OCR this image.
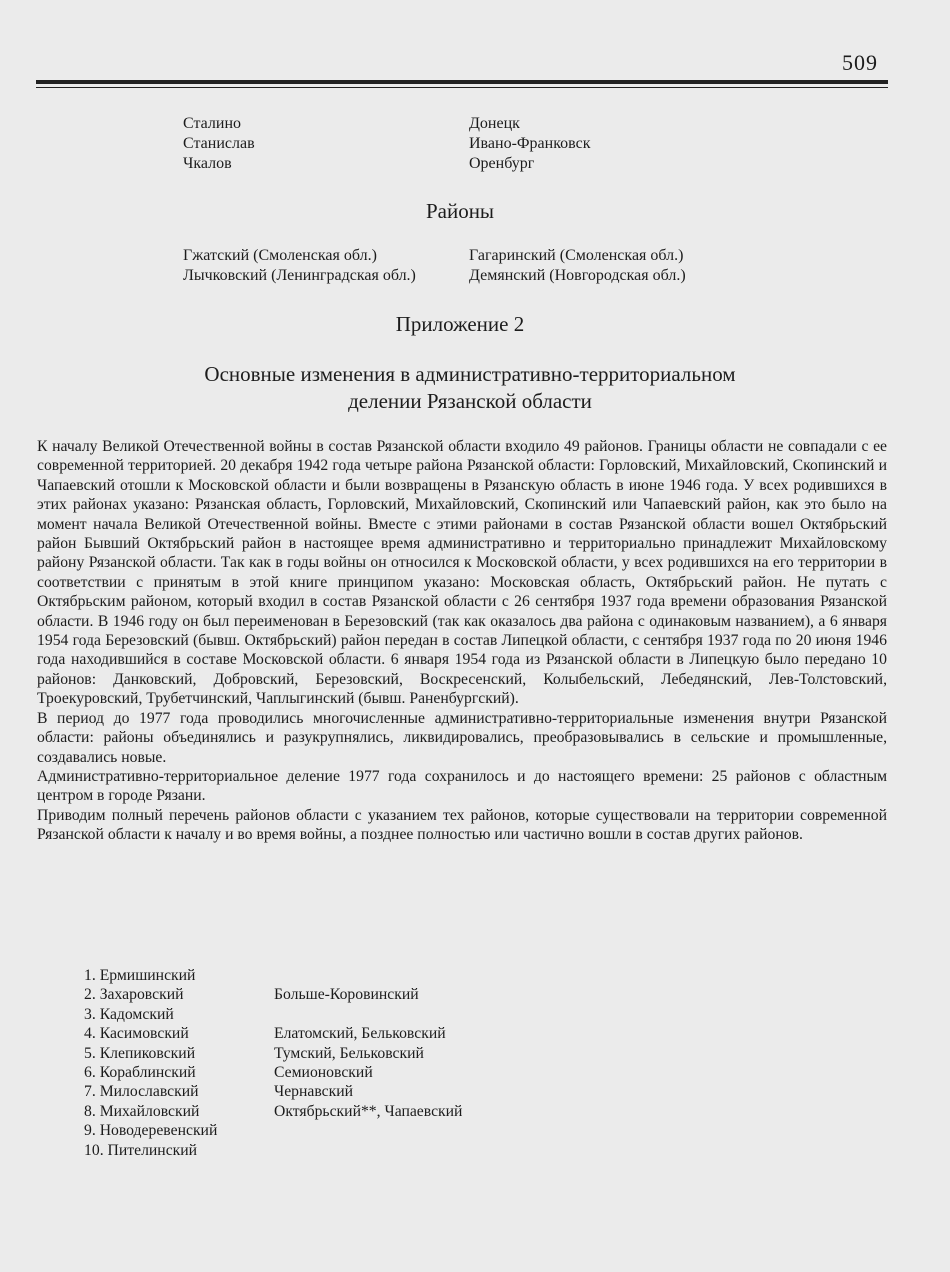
509
Сталино	Донецк
Станислав	Ивано-Франковск
Чкалов	Оренбург
Районы
Гжатский (Смоленская обл.)	Гагаринский (Смоленская обл.)
Лычковский (Ленинградская обл.)	Демянский (Новгородская обл.)
Приложение 2
Основные изменения в административно-территориальном
делении Рязанской области

К началу Великой Отечественной войны в состав Рязанской области входило 49 районов. Границы области не совпадали с ее современной территорией. 20 декабря 1942 года четыре района Рязанской области: Горловский, Михайловский, Скопинский и Чапаевский отошли к Московской области и были возвращены в Рязанскую область в июне 1946 года. У всех родившихся в этих районах указано: Рязанская область, Горловский, Михайловский, Скопинский или Чапаевский район, как это было на момент начала Великой Отечественной войны. Вместе с этими районами в состав Рязанской области вошел Октябрьский район Бывший Октябрьский район в настоящее время административно и территориально принадлежит Михайловскому району Рязанской области. Так как в годы войны он относился к Московской области, у всех родившихся на его территории в соответствии с принятым в этой книге принципом указано: Московская область, Октябрьский район. Не путать с Октябрьским районом, который входил в состав Рязанской области с 26 сентября 1937 года времени образования Рязанской области. В 1946 году он был переименован в Березовский (так как оказалось два района с одинаковым названием), а 6 января 1954 года Березовский (бывш. Октябрьский) район передан в состав Липецкой области, с сентября 1937 года по 20 июня 1946 года находившийся в составе Московской области. 6 января 1954 года из Рязанской области в Липецкую было передано 10 районов: Данковский, Добровский, Березовский, Воскресенский, Колыбельский, Лебедянский, Лев-Толстовский, Троекуровский, Трубетчинский, Чаплыгинский (бывш. Раненбургский).

В период до 1977 года проводились многочисленные административно-территориальные изменения внутри Рязанской области: районы объединялись и разукрупнялись, ликвидировались, преобразовывались в сельские и промышленные, создавались новые.

Административно-территориальное деление 1977 года сохранилось и до настоящего времени: 25 районов с областным центром в городе Рязани.

Приводим полный перечень районов области с указанием тех районов, которые существовали на территории современной Рязанской области к началу и во время войны, а позднее полностью или частично вошли в состав других районов.

1. Ермишинский
2. Захаровский	Больше-Коровинский
3. Кадомский
4. Касимовский	Елатомский, Бельковский
5. Клепиковский	Тумский, Бельковский
6. Кораблинский	Семионовский
7. Милославский	Чернавский
8. Михайловский	Октябрьский**, Чапаевский
9. Новодеревенский
10. Пителинский
